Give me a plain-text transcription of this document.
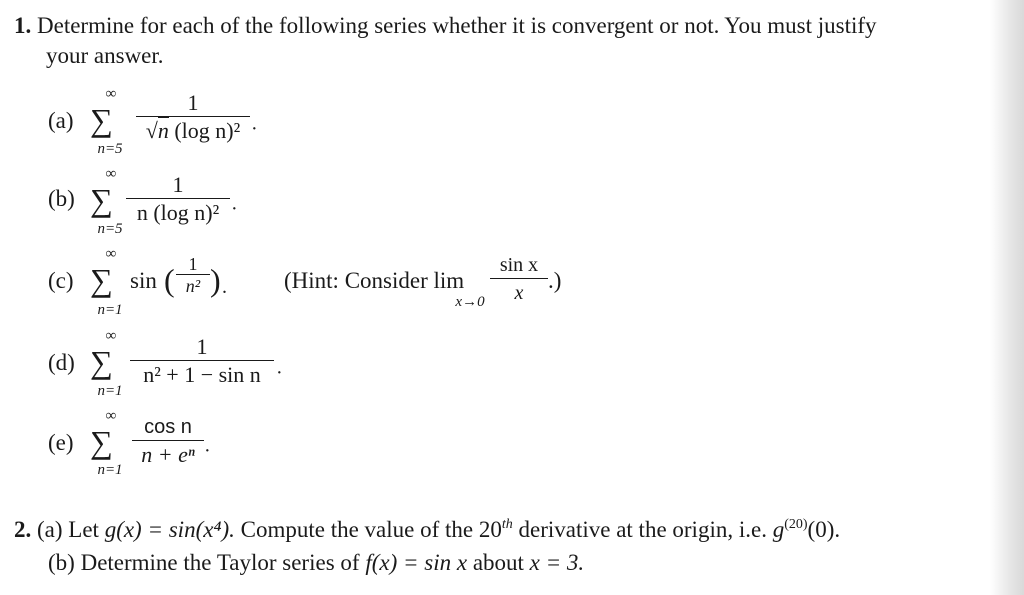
1. Determine for each of the following series whether it is convergent or not. You must justify
your answer.
(a)
∞
∑
n=5
1
√n (log n)² ·
(b)
∞
∑
n=5
1
n (log n)² ·
(c)
∞
∑
n=1
sin ( 1
n² ) . (Hint: Consider lim
x→0
sin x
x
.)
(d)
∞
∑
n=1
1
n² + 1 − sin n ·
(e)
∞
∑
n=1
cos n
n + eⁿ ·
2. (a) Let g(x) = sin(x⁴). Compute the value of the 20th derivative at the origin, i.e. $g^{(20)}(0)$.
(b) Determine the Taylor series of f(x) = sin x about x = 3.
